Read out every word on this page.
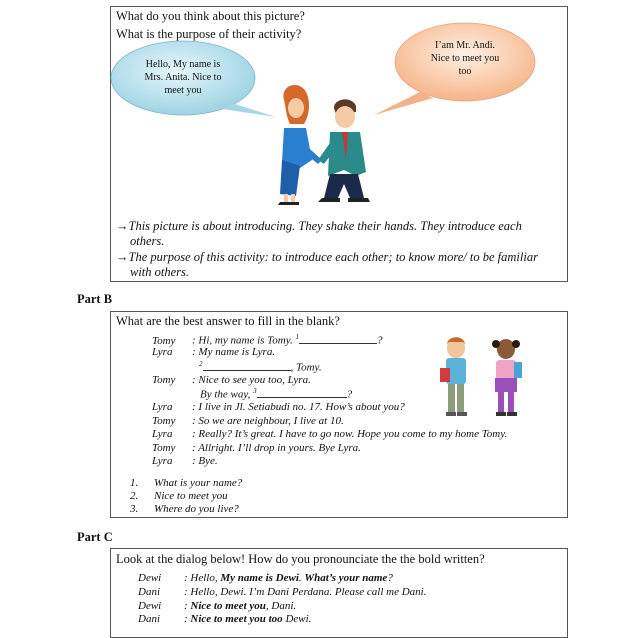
What do you think about this picture?
What is the purpose of their activity?
Hello, My name is
Mrs. Anita. Nice to
meet you
I’am Mr. Andi.
Nice to meet you
too
→This picture is about introducing. They shake their hands. They introduce each
others.
→The purpose of this activity: to introduce each other; to know more/ to be familiar
with others.
Part B
What are the best answer to fill in the blank?
Tomy : Hi, my name is Tomy. $^1$	?
Lyra : My name is Lyra.
$^2$	, Tomy.
Tomy : Nice to see you too, Lyra.
By the way, $^3$	?
Lyra : I live in Jl. Setiabudi no. 17. How’s about you?
Tomy : So we are neighbour, I live at 10.
Lyra : Really? It’s great. I have to go now. Hope you come to my home Tomy.
Tomy : Allright. I’ll drop in yours. Bye Lyra.
Lyra : Bye.
1. What is your name?
2. Nice to meet you
3. Where do you live?
Part C
Look at the dialog below! How do you pronounciate the the bold written?
Dewi : Hello, My name is Dewi. What’s your name?
Dani : Hello, Dewi. I’m Dani Perdana. Please call me Dani.
Dewi : Nice to meet you, Dani.
Dani : Nice to meet you too Dewi.
